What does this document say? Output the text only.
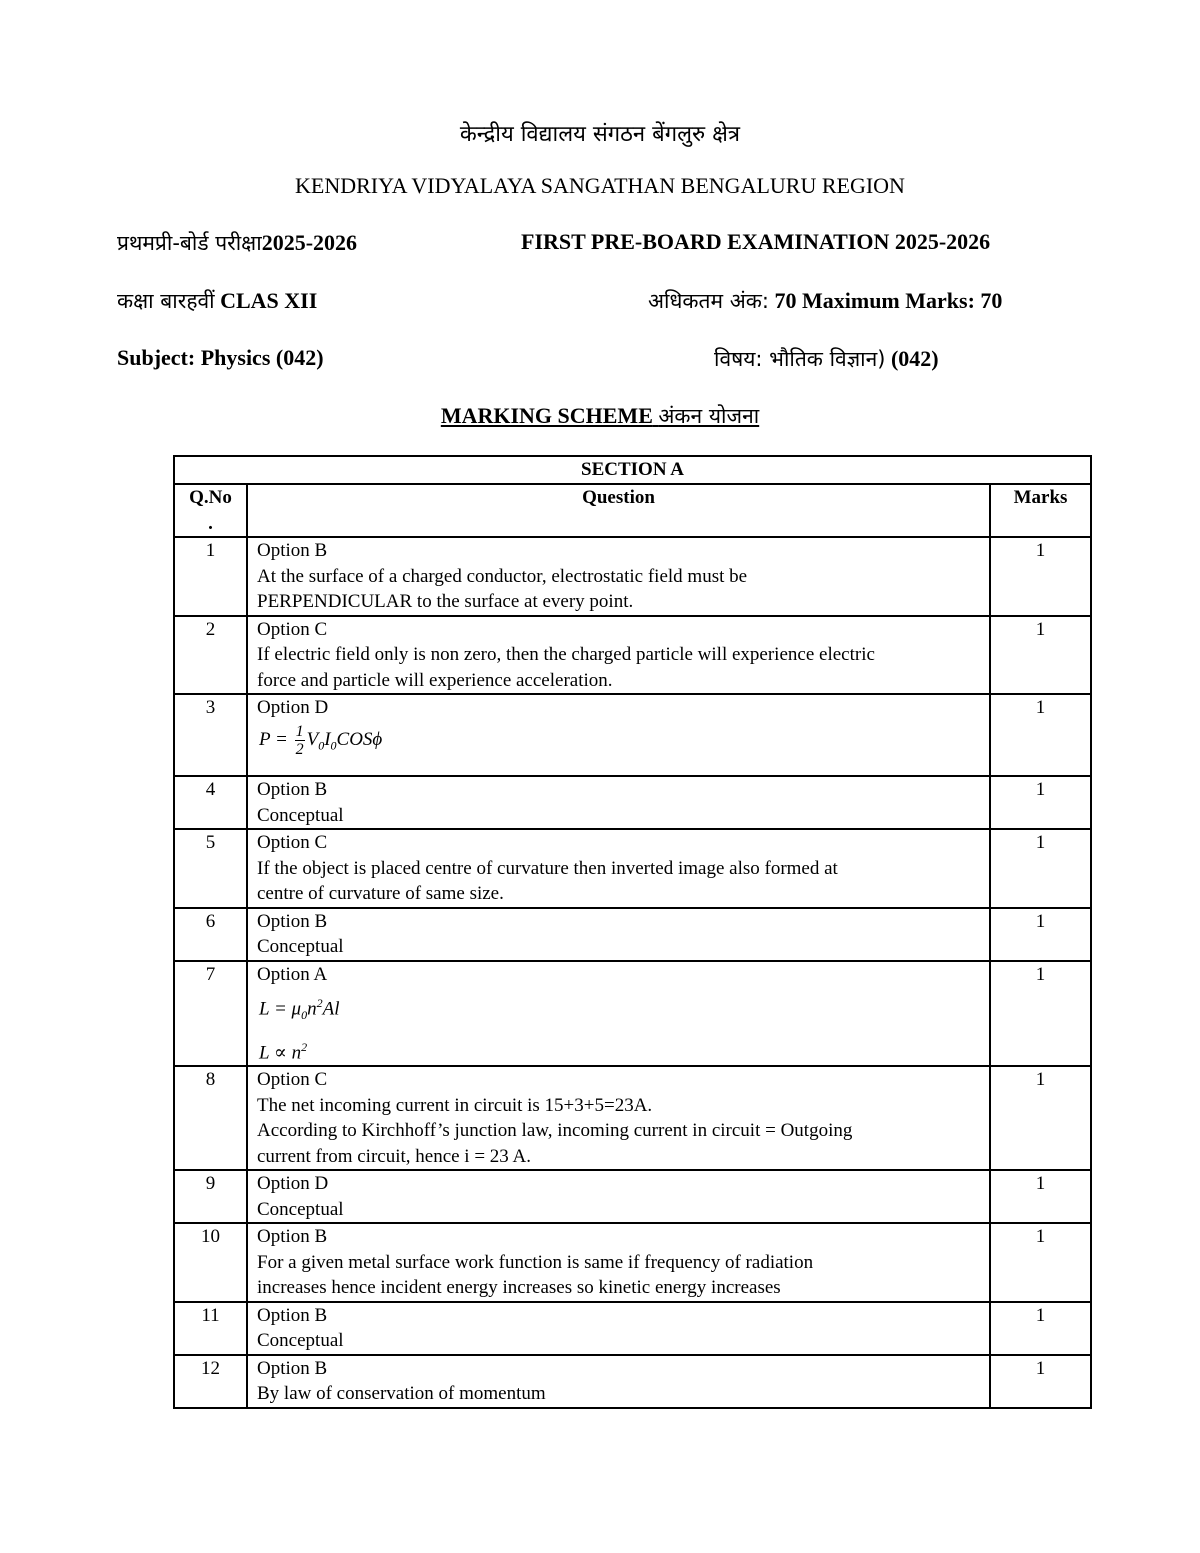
केन्द्रीय विद्यालय संगठन बेंगलुरु क्षेत्र
KENDRIYA VIDYALAYA SANGATHAN BENGALURU REGION
प्रथमप्री-बोर्ड परीक्षा2025-2026	FIRST PRE-BOARD EXAMINATION 2025-2026
कक्षा बारहवीं CLAS XII	अधिकतम अंक: 70 Maximum Marks: 70
Subject: Physics (042)	विषय: भौतिक विज्ञान) (042)
MARKING SCHEME अंकन योजना
SECTION A		
Q.No
.	Question	Marks
1	Option B
At the surface of a charged conductor, electrostatic field must be
PERPENDICULAR to the surface at every point.	1
2	Option C
If electric field only is non zero, then the charged particle will experience electric
force and particle will experience acceleration.	1
3	Option D
$P = \frac{1}{2} V_0I_0COS\phi$	1
4	Option B
Conceptual	1
5	Option C
If the object is placed centre of curvature then inverted image also formed at
centre of curvature of same size.	1
6	Option B
Conceptual	1
7	Option A
$L = \mu_0n^2Al$
$L \propto n^2$	1
8	Option C
The net incoming current in circuit is 15+3+5=23A.
According to Kirchhoff’s junction law, incoming current in circuit = Outgoing
current from circuit, hence i = 23 A.	1
9	Option D
Conceptual	1
10	Option B
For a given metal surface work function is same if frequency of radiation
increases hence incident energy increases so kinetic energy increases	1
11	Option B
Conceptual	1
12	Option B
By law of conservation of momentum	1
